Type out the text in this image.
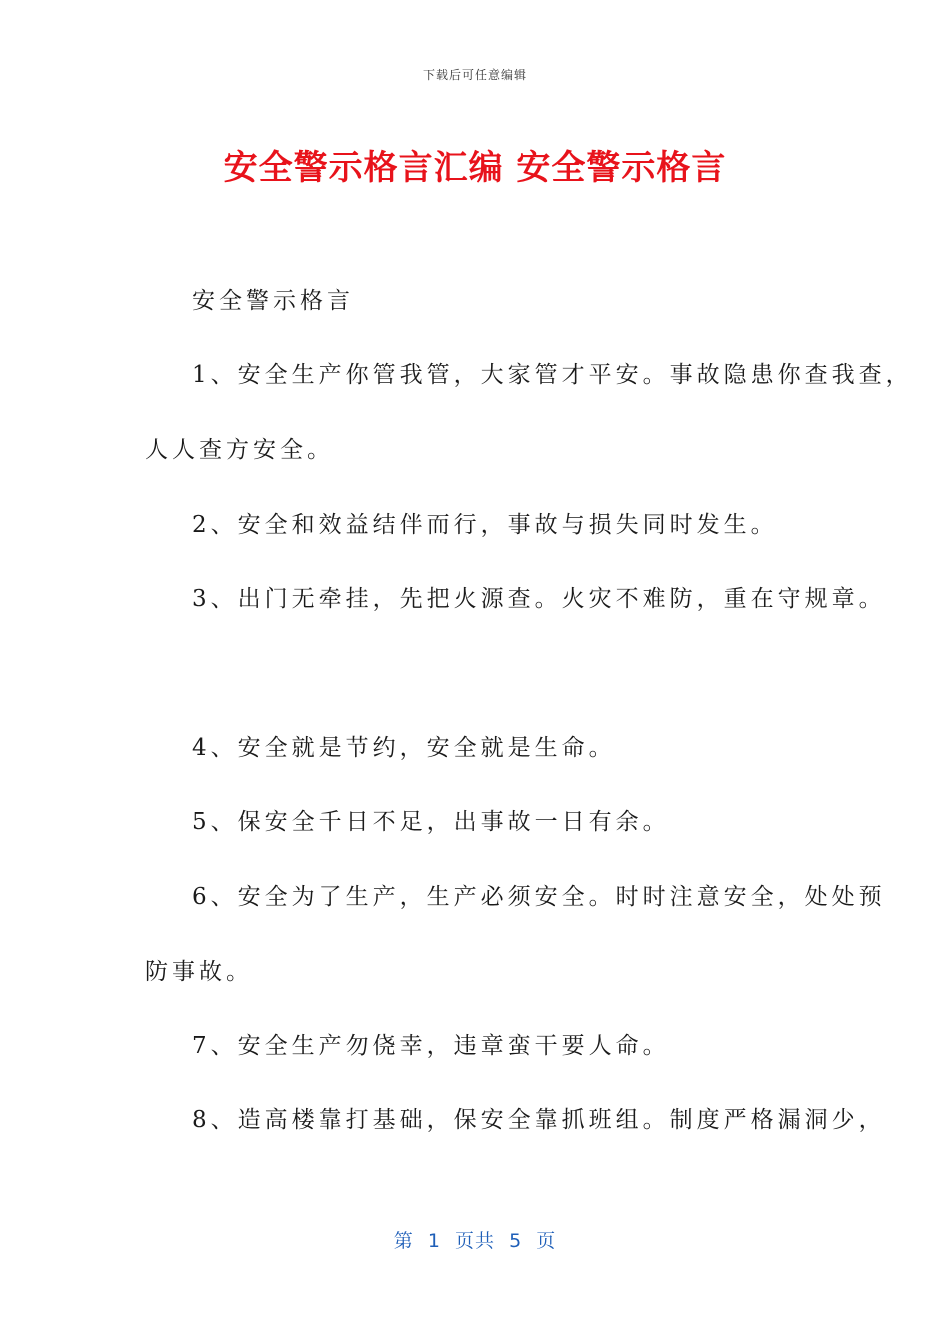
下载后可任意编辑
安全警示格言汇编 安全警示格言

安全警示格言

1、安全生产你管我管，大家管才平安。事故隐患你查我查，

人人查方安全。

2、安全和效益结伴而行，事故与损失同时发生。

3、出门无牵挂，先把火源查。火灾不难防，重在守规章。

4、安全就是节约，安全就是生命。

5、保安全千日不足，出事故一日有余。

6、安全为了生产，生产必须安全。时时注意安全，处处预

防事故。

7、安全生产勿侥幸，违章蛮干要人命。

8、造高楼靠打基础，保安全靠抓班组。制度严格漏洞少，

第  1  页共  5  页
